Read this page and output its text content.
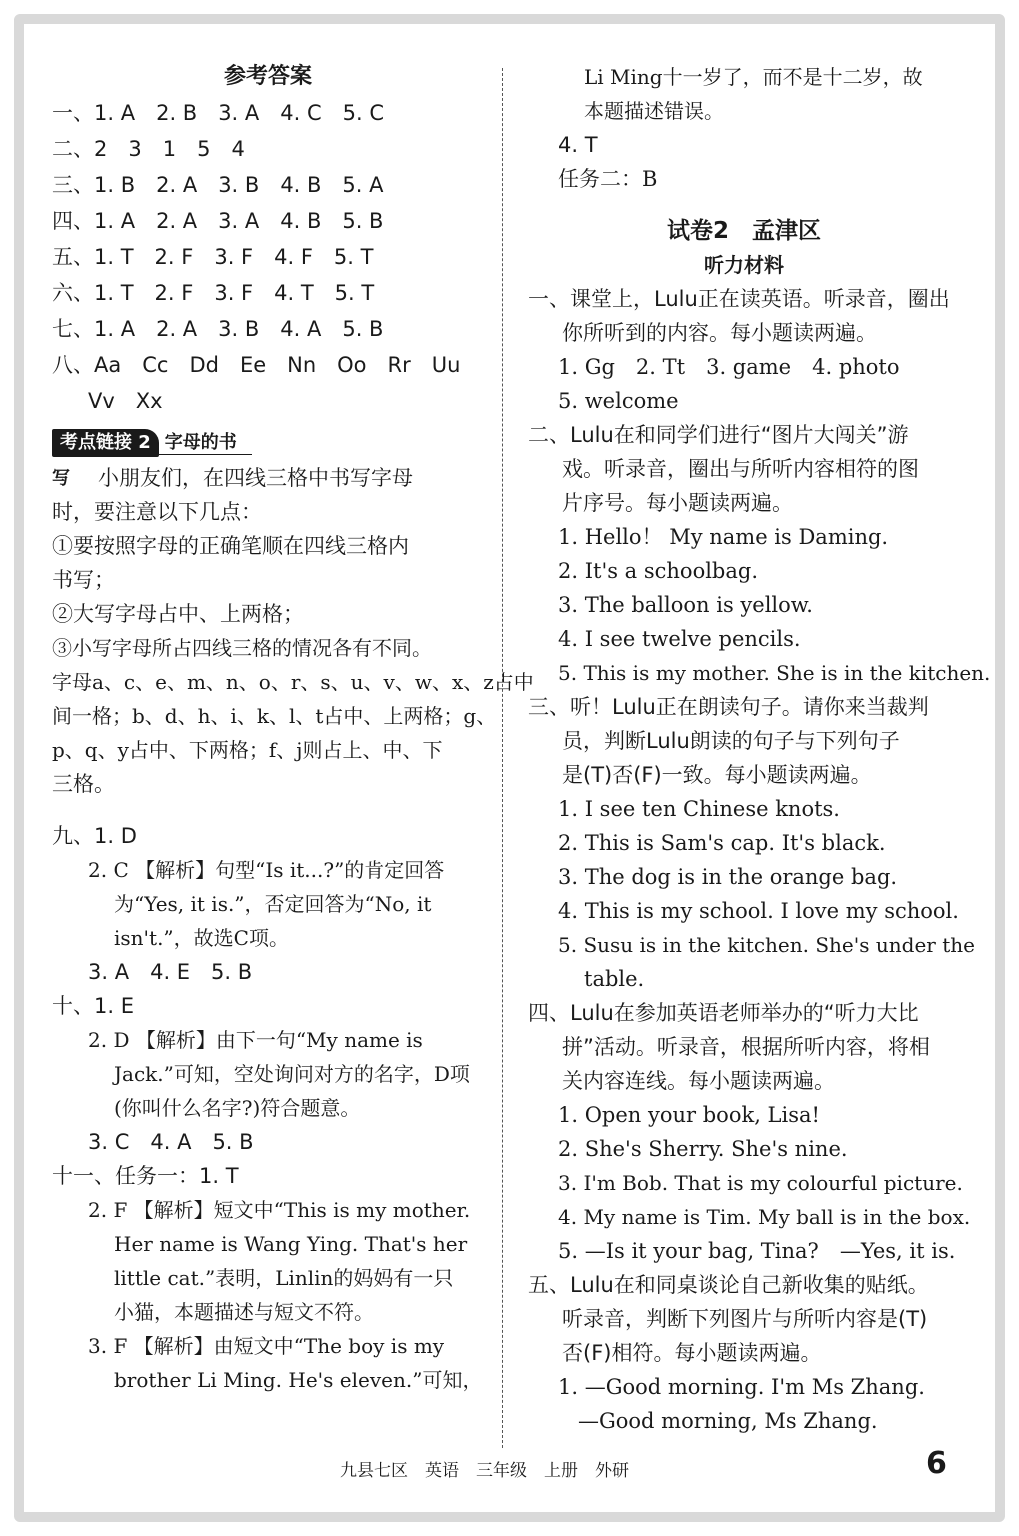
参考答案
一、1. A　2. B　3. A　4. C　5. C
二、2　3　1　5　4
三、1. B　2. A　3. B　4. B　5. A
四、1. A　2. A　3. A　4. B　5. B
五、1. T　2. F　3. F　4. F　5. T
六、1. T　2. F　3. F　4. T　5. T
七、1. A　2. A　3. B　4. A　5. B
八、Aa　Cc　Dd　Ee　Nn　Oo　Rr　Uu
Vv　Xx
考点链接 2 字母的书写	小朋友们，在四线三格中书写字母
时，要注意以下几点：
①要按照字母的正确笔顺在四线三格内
书写；
②大写字母占中、上两格；
③小写字母所占四线三格的情况各有不同。
字母a、c、e、m、n、o、r、s、u、v、w、x、z占中
间一格；b、d、h、i、k、l、t占中、上两格；g、
p、q、y占中、下两格；f、j则占上、中、下
三格。
九、1. D
2. C 【解析】句型“Is it...?”的肯定回答
为“Yes, it is.”，否定回答为“No, it
isn't.”，故选C项。
3. A　4. E　5. B
十、1. E
2. D 【解析】由下一句“My name is
Jack.”可知，空处询问对方的名字，D项
(你叫什么名字?)符合题意。
3. C　4. A　5. B
十一、任务一：1. T
2. F 【解析】短文中“This is my mother.
Her name is Wang Ying. That's her
little cat.”表明，Linlin的妈妈有一只
小猫，本题描述与短文不符。
3. F 【解析】由短文中“The boy is my
brother Li Ming. He's eleven.”可知，
Li Ming十一岁了，而不是十二岁，故
本题描述错误。
4. T
任务二：B
试卷2　孟津区
听力材料
一、课堂上，Lulu正在读英语。听录音，圈出
你所听到的内容。每小题读两遍。
1. Gg　2. Tt　3. game　4. photo
5. welcome
二、Lulu在和同学们进行“图片大闯关”游
戏。听录音，圈出与所听内容相符的图
片序号。每小题读两遍。
1. Hello！ My name is Daming.
2. It's a schoolbag.
3. The balloon is yellow.
4. I see twelve pencils.
5. This is my mother. She is in the kitchen.
三、听！Lulu正在朗读句子。请你来当裁判
员，判断Lulu朗读的句子与下列句子
是(T)否(F)一致。每小题读两遍。
1. I see ten Chinese knots.
2. This is Sam's cap. It's black.
3. The dog is in the orange bag.
4. This is my school. I love my school.
5. Susu is in the kitchen. She's under the
table.
四、Lulu在参加英语老师举办的“听力大比
拼”活动。听录音，根据所听内容，将相
关内容连线。每小题读两遍。
1. Open your book, Lisa!
2. She's Sherry. She's nine.
3. I'm Bob. That is my colourful picture.
4. My name is Tim. My ball is in the box.
5. —Is it your bag, Tina?　—Yes, it is.
五、Lulu在和同桌谈论自己新收集的贴纸。
听录音，判断下列图片与所听内容是(T)
否(F)相符。每小题读两遍。
1. —Good morning. I'm Ms Zhang.
—Good morning, Ms Zhang.
九县七区　英语　三年级　上册　外研	6
